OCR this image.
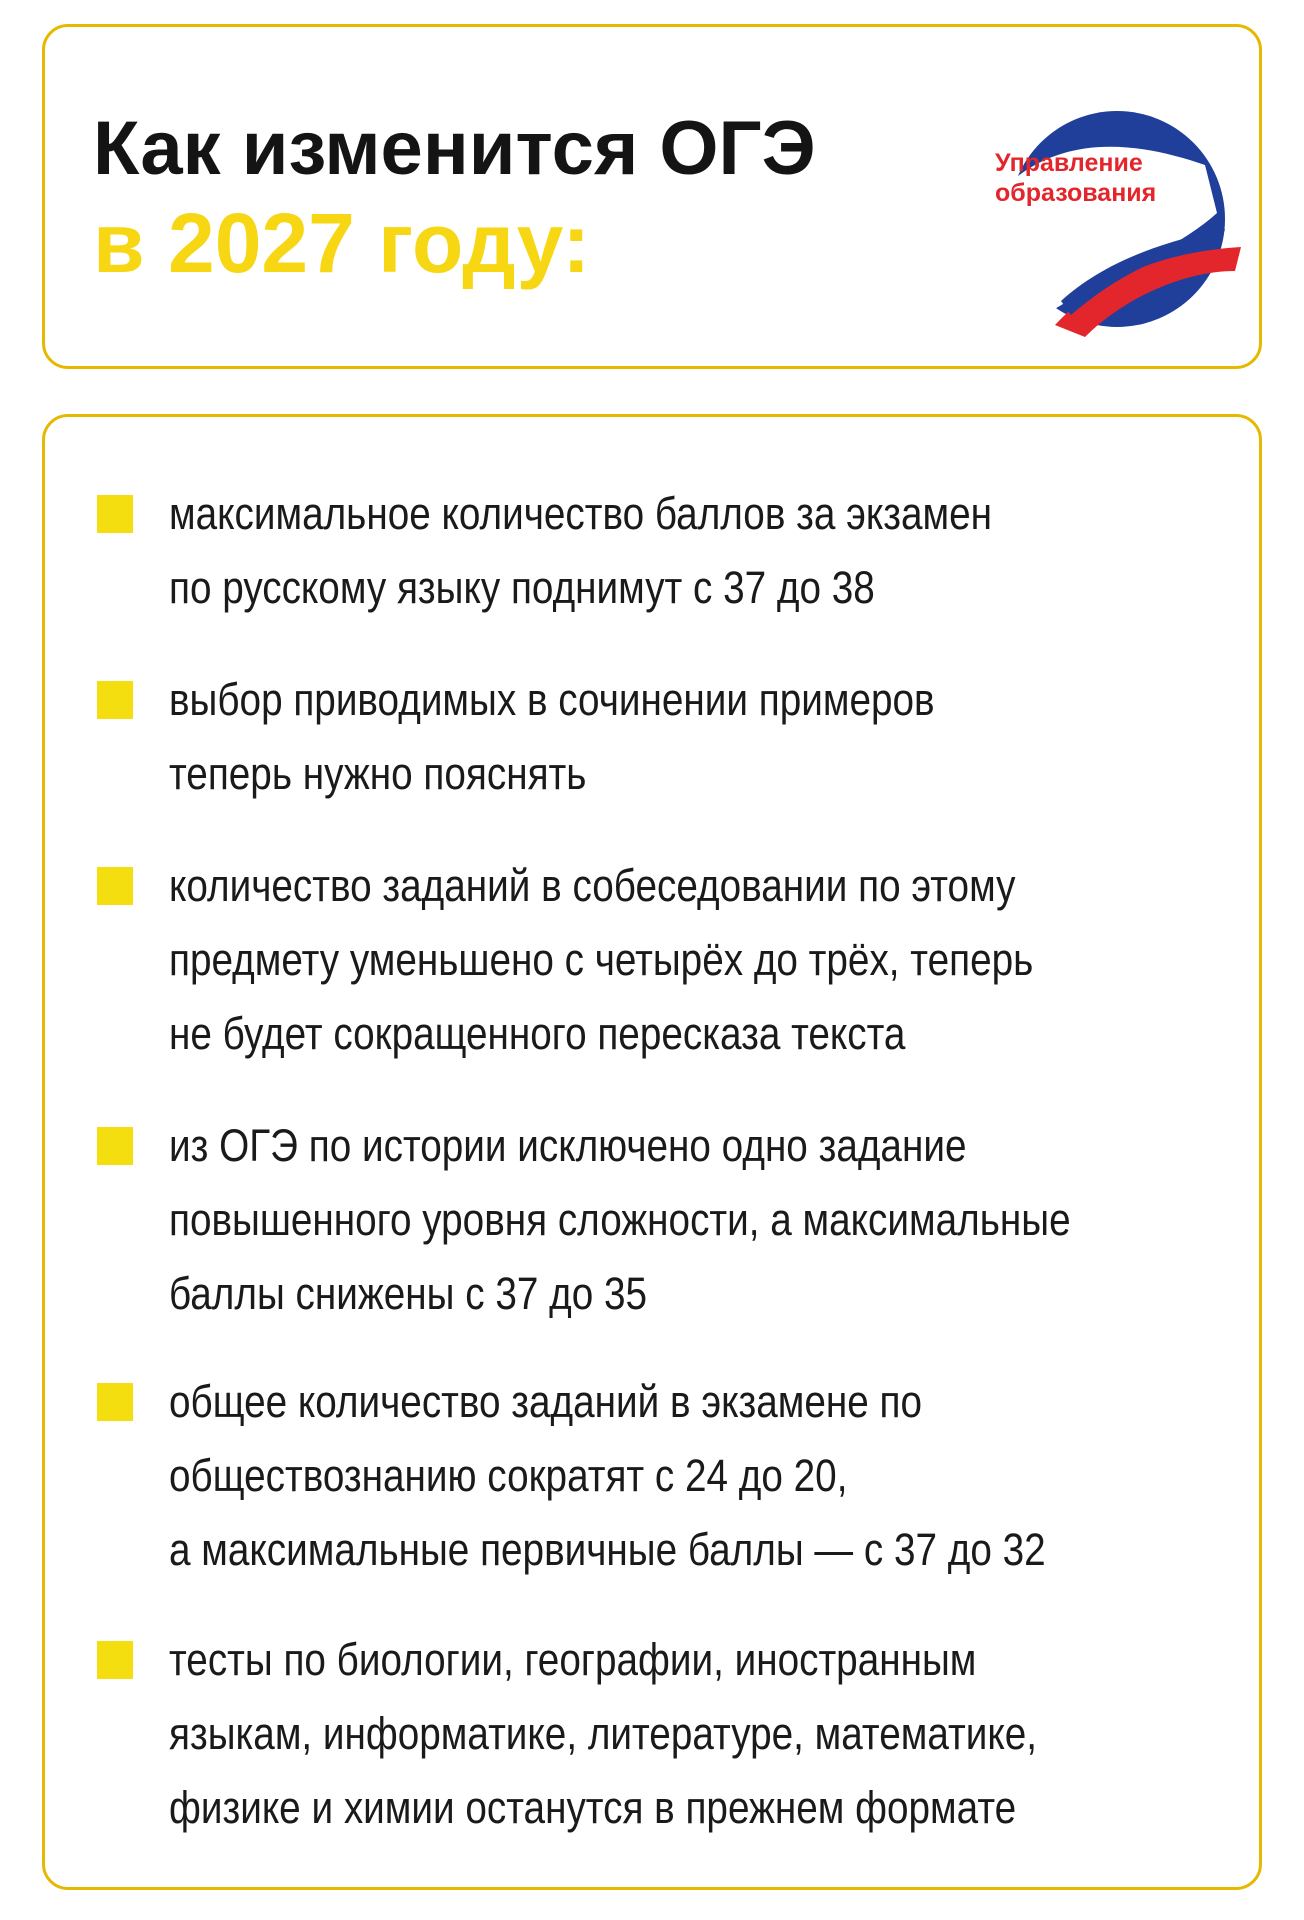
Как изменится ОГЭ
в 2027 году:
Управление
образования
максимальное количество баллов за экзамен
по русскому языку поднимут с 37 до 38
выбор приводимых в сочинении примеров
теперь нужно пояснять
количество заданий в собеседовании по этому
предмету уменьшено с четырёх до трёх, теперь
не будет сокращенного пересказа текста
из ОГЭ по истории исключено одно задание
повышенного уровня сложности, а максимальные
баллы снижены с 37 до 35
общее количество заданий в экзамене по
обществознанию сократят с 24 до 20,
а максимальные первичные баллы — с 37 до 32
тесты по биологии, географии, иностранным
языкам, информатике, литературе, математике,
физике и химии останутся в прежнем формате
